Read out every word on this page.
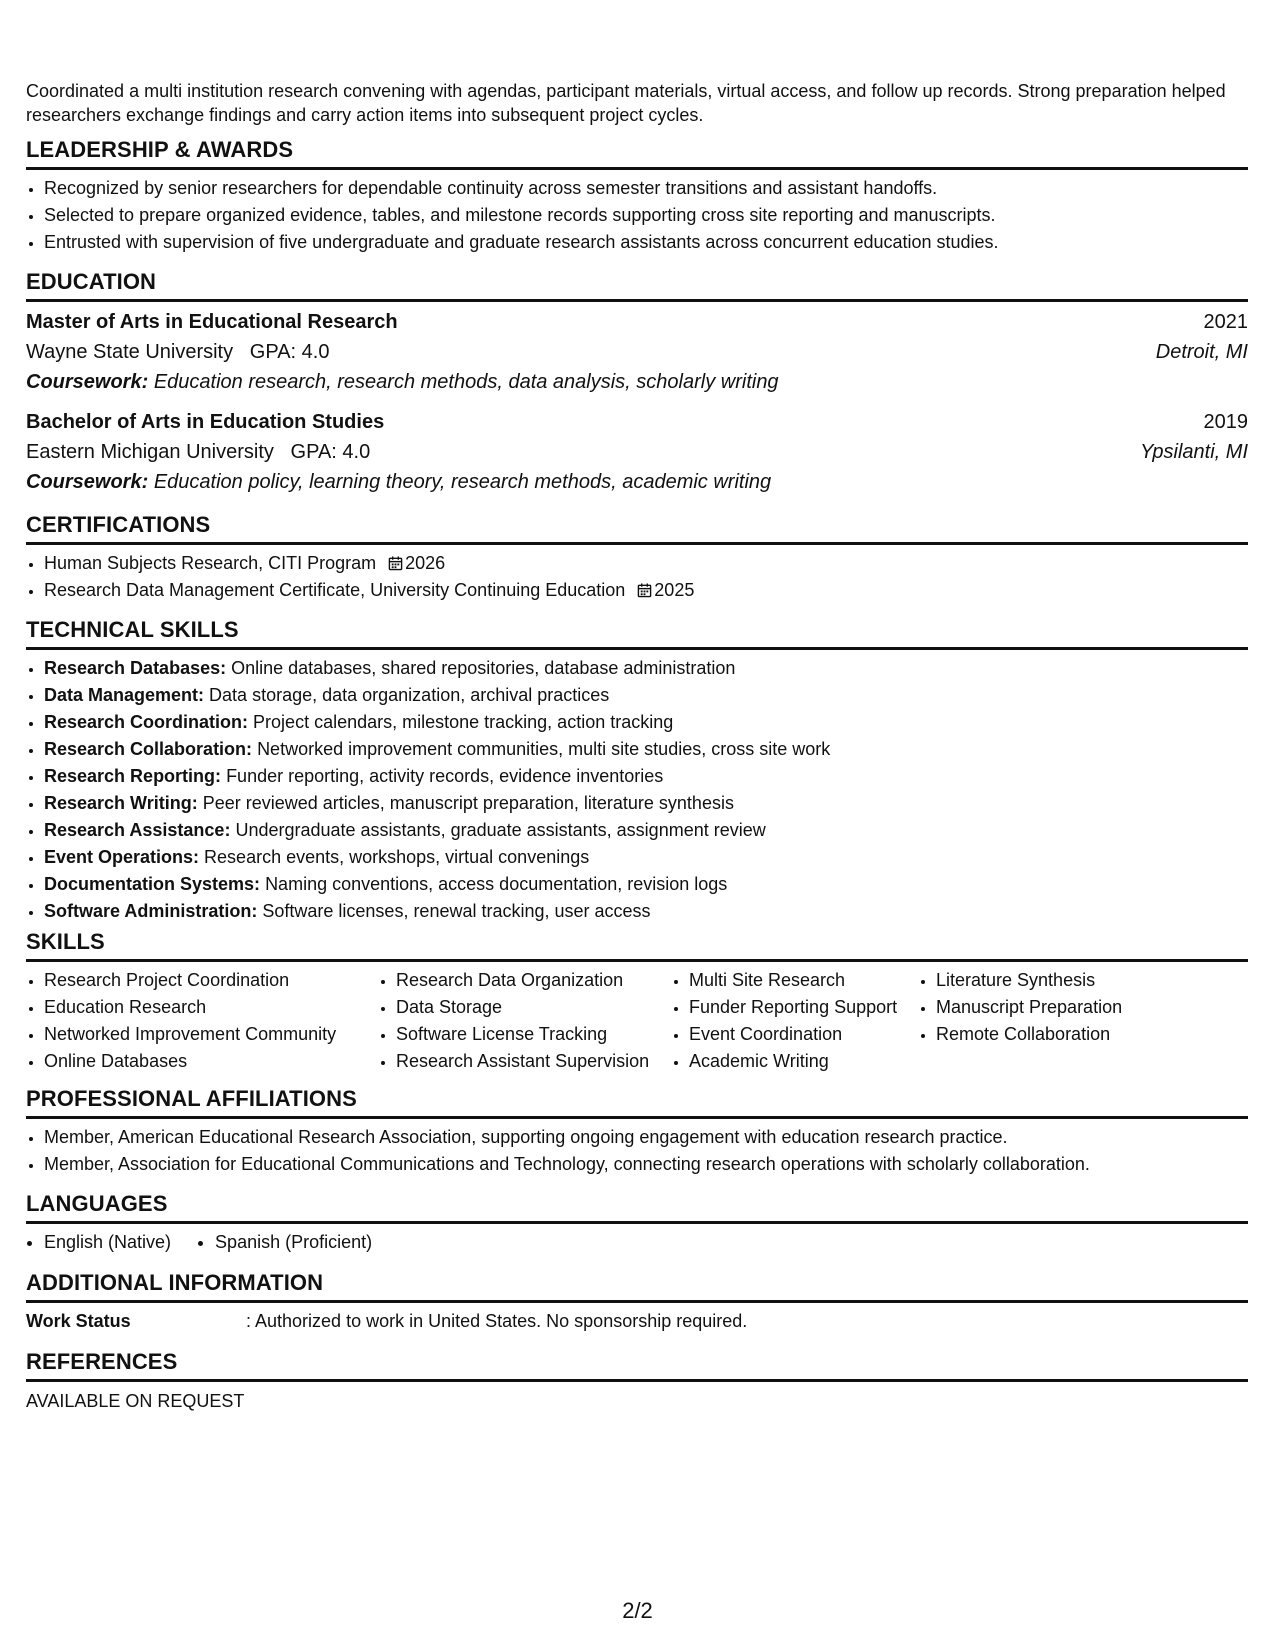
Coordinated a multi institution research convening with agendas, participant materials, virtual access, and follow up records. Strong preparation helped researchers exchange findings and carry action items into subsequent project cycles.
LEADERSHIP & AWARDS
• Recognized by senior researchers for dependable continuity across semester transitions and assistant handoffs.
• Selected to prepare organized evidence, tables, and milestone records supporting cross site reporting and manuscripts.
• Entrusted with supervision of five undergraduate and graduate research assistants across concurrent education studies.
EDUCATION
Master of Arts in Educational Research	2021
Wayne State University GPA: 4.0	Detroit, MI
Coursework: Education research, research methods, data analysis, scholarly writing
Bachelor of Arts in Education Studies	2019
Eastern Michigan University GPA: 4.0	Ypsilanti, MI
Coursework: Education policy, learning theory, research methods, academic writing
CERTIFICATIONS
• Human Subjects Research, CITI Program 2026
• Research Data Management Certificate, University Continuing Education 2025
TECHNICAL SKILLS
• Research Databases: Online databases, shared repositories, database administration
• Data Management: Data storage, data organization, archival practices
• Research Coordination: Project calendars, milestone tracking, action tracking
• Research Collaboration: Networked improvement communities, multi site studies, cross site work
• Research Reporting: Funder reporting, activity records, evidence inventories
• Research Writing: Peer reviewed articles, manuscript preparation, literature synthesis
• Research Assistance: Undergraduate assistants, graduate assistants, assignment review
• Event Operations: Research events, workshops, virtual convenings
• Documentation Systems: Naming conventions, access documentation, revision logs
• Software Administration: Software licenses, renewal tracking, user access
SKILLS
• Research Project Coordination
• Education Research
• Networked Improvement Community
• Online Databases
• Research Data Organization
• Data Storage
• Software License Tracking
• Research Assistant Supervision
• Multi Site Research
• Funder Reporting Support
• Event Coordination
• Academic Writing
• Literature Synthesis
• Manuscript Preparation
• Remote Collaboration
PROFESSIONAL AFFILIATIONS
• Member, American Educational Research Association, supporting ongoing engagement with education research practice.
• Member, Association for Educational Communications and Technology, connecting research operations with scholarly collaboration.
LANGUAGES
• English (Native)
• Spanish (Proficient)
ADDITIONAL INFORMATION
Work Status	: Authorized to work in United States. No sponsorship required.
REFERENCES
AVAILABLE ON REQUEST
2/2
